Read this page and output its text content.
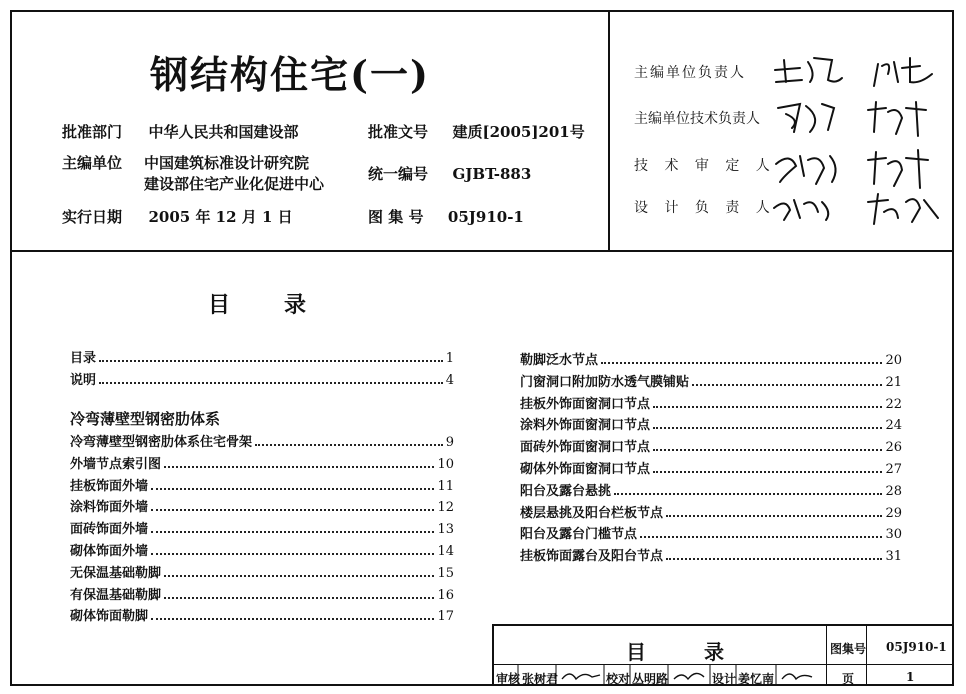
钢结构住宅(一)
批准部门 中华人民共和国建设部	批准文号 建质[2005]201号
主编单位 中国建筑标准设计研究院
建设部住宅产业化促进中心
统一编号 GJBT-883
实行日期 2005 年 12 月 1 日	图 集 号 05J910-1
主编单位负责人
主编单位技术负责人
技 术 审 定 人
设 计 负 责 人
目录
目录	1
说明	4
冷弯薄壁型钢密肋体系
冷弯薄壁型钢密肋体系住宅骨架	9
外墙节点索引图	10
挂板饰面外墙	11
涂料饰面外墙	12
面砖饰面外墙	13
砌体饰面外墙	14
无保温基础勒脚	15
有保温基础勒脚	16
砌体饰面勒脚	17
勒脚泛水节点	20
门窗洞口附加防水透气膜铺贴	21
挂板外饰面窗洞口节点	22
涂料外饰面窗洞口节点	24
面砖外饰面窗洞口节点	26
砌体外饰面窗洞口节点	27
阳台及露台悬挑	28
楼层悬挑及阳台栏板节点	29
阳台及露台门槛节点	30
挂板饰面露台及阳台节点	31
目录	图集号 05J910-1
审核 张树君	校对 丛明路	设计 姜忆南	页	1
